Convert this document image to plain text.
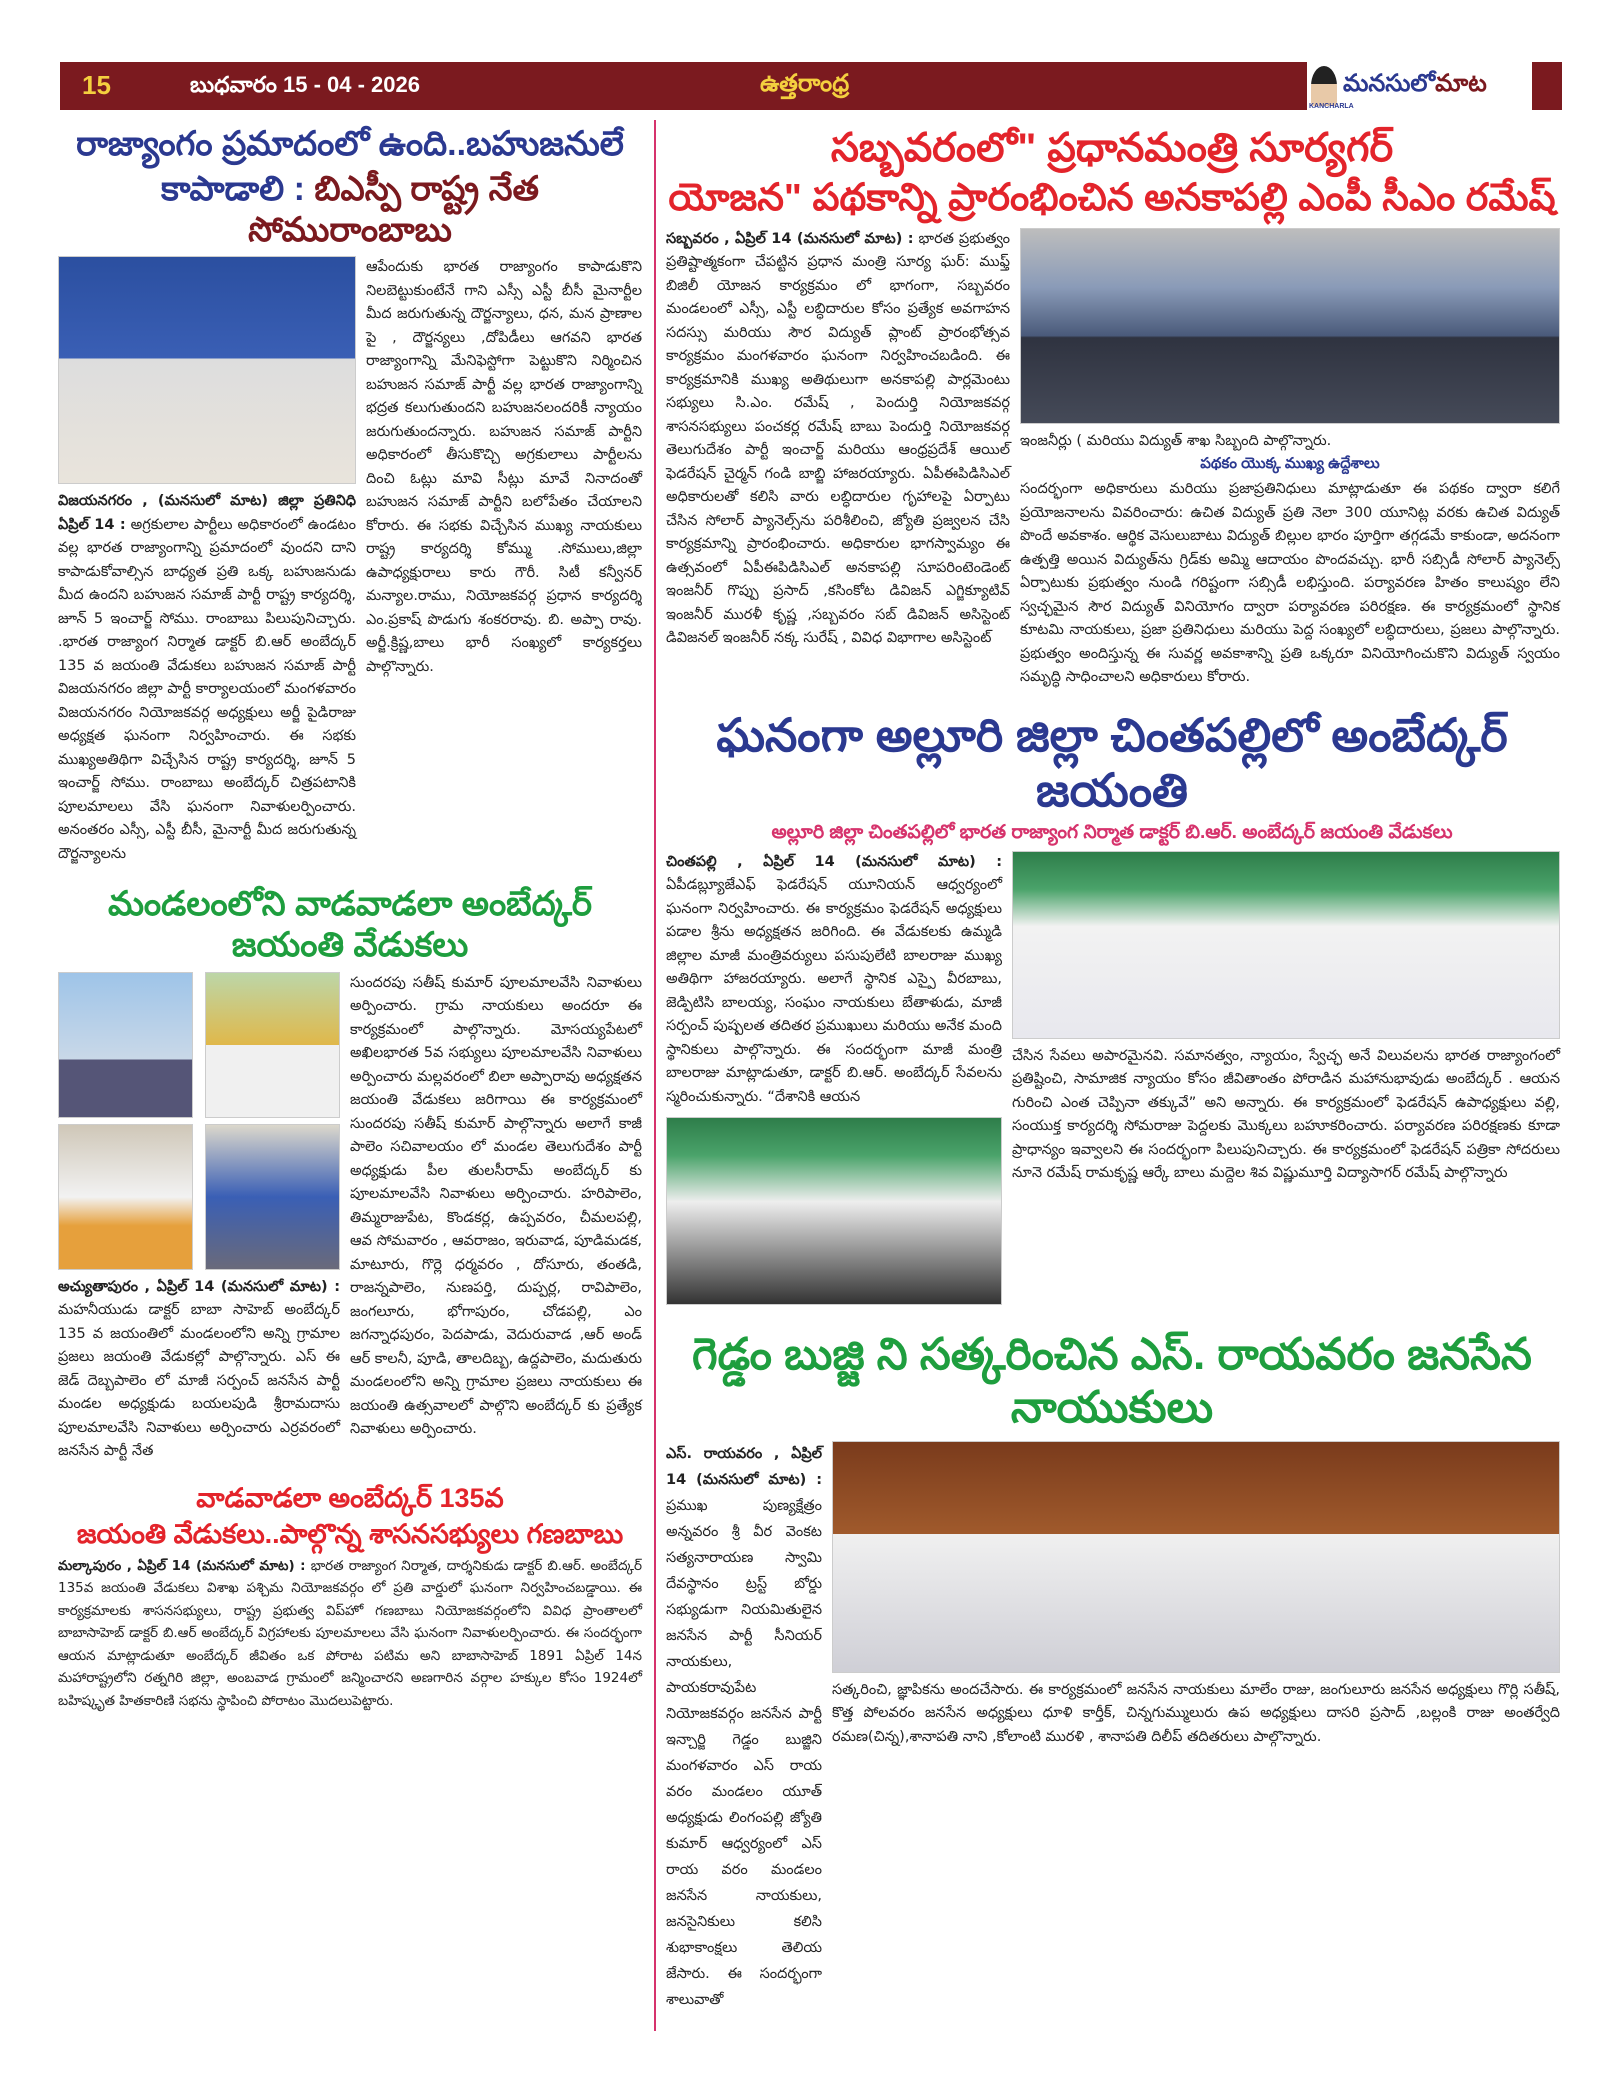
15	బుధవారం 15 - 04 - 2026	ఉత్తరాంధ్ర	మనసులోమాట
KANCHARLA
రాజ్యాంగం ప్రమాదంలో ఉంది..బహుజనులే
కాపాడాలి : బిఎస్పీ రాష్ట్ర నేత సోమురాంబాబు
విజయనగరం , (మనసులో మాట) జిల్లా ప్రతినిధి ఏప్రిల్ 14 : అగ్రకులాల పార్టీలు అధికారంలో ఉండటం వల్ల భారత రాజ్యాంగాన్ని ప్రమాదంలో వుందని దాని కాపాడుకోవాల్సిన బాధ్యత ప్రతి ఒక్క బహుజనుడు మీద ఉందని బహుజన సమాజ్ పార్టీ రాష్ట్ర కార్యదర్శి, జూన్ 5 ఇంచార్జ్ సోము. రాంబాబు పిలుపునిచ్చారు. .భారత రాజ్యాంగ నిర్మాత డాక్టర్ బి.ఆర్ అంబేద్కర్ 135 వ జయంతి వేడుకలు బహుజన సమాజ్ పార్టీ విజయనగరం జిల్లా పార్టీ కార్యాలయంలో మంగళవారం విజయనగరం నియోజకవర్గ అధ్యక్షులు అర్జీ పైడిరాజు అధ్యక్షత ఘనంగా నిర్వహించారు. ఈ సభకు ముఖ్యఅతిథిగా విచ్చేసిన రాష్ట్ర కార్యదర్శి, జూన్ 5 ఇంచార్జ్ సోము. రాంబాబు అంబేద్కర్ చిత్రపటానికి పూలమాలలు వేసి ఘనంగా నివాళులర్పించారు. అనంతరం ఎస్సీ, ఎస్టీ బీసీ, మైనార్టీ మీద జరుగుతున్న దౌర్జన్యాలను
ఆపేందుకు భారత రాజ్యాంగం కాపాడుకొని నిలబెట్టుకుంటేనే గాని ఎస్సీ ఎస్టీ బీసీ మైనార్టీల మీద జరుగుతున్న దౌర్జన్యాలు, ధన, మన ప్రాణాల పై , దౌర్జన్యలు ,దోపిడీలు ఆగవని భారత రాజ్యాంగాన్ని మేనిఫెస్టోగా పెట్టుకొని నిర్మించిన బహుజన సమాజ్ పార్టీ వల్ల భారత రాజ్యాంగాన్ని భద్రత కలుగుతుందని బహుజనలందరికీ న్యాయం జరుగుతుందన్నారు. బహుజన సమాజ్ పార్టీని అధికారంలో తీసుకొచ్చి అగ్రకులాలు పార్టీలను దించి ఓట్లు మావి సీట్లు మావే నినాదంతో బహుజన సమాజ్ పార్టీని బలోపేతం చేయాలని కోరారు. ఈ సభకు విచ్చేసిన ముఖ్య నాయకులు రాష్ట్ర కార్యదర్శి కోమ్ము .సోములు,జిల్లా ఉపాధ్యక్షురాలు కారు గౌరీ. సిటీ కన్వీనర్ మన్యాల.రాము, నియోజకవర్గ ప్రధాన కార్యదర్శి ఎం.ప్రకాష్ పొడుగు శంకరరావు. బి. అప్పా రావు. అర్జీ.క్రిష్ణ,బాలు భారీ సంఖ్యలో కార్యకర్తలు పాల్గొన్నారు.
మండలంలోని వాడవాడలా అంబేద్కర్ జయంతి వేడుకలు
అచ్యుతాపురం , ఏప్రిల్ 14 (మనసులో మాట) : మహనీయుడు డాక్టర్ బాబా సాహెబ్ అంబేద్కర్ 135 వ జయంతిలో మండలంలోని అన్ని గ్రామాల ప్రజలు జయంతి వేడుకల్లో పాల్గొన్నారు. ఎస్ ఈ జెడ్ దెబ్బపాలెం లో మాజీ సర్పంచ్ జనసేన పార్టీ మండల అధ్యక్షుడు బయలపుడి శ్రీరామదాసు పూలమాలవేసి నివాళులు అర్పించారు ఎర్రవరంలో జనసేన పార్టీ నేత
సుందరపు సతీష్ కుమార్ పూలమాలవేసి నివాళులు అర్పించారు. గ్రామ నాయకులు అందరూ ఈ కార్యక్రమంలో పాల్గొన్నారు. మోసయ్యపేటలో అఖిలభారత 5వ సభ్యులు పూలమాలవేసి నివాళులు అర్పించారు మల్లవరంలో బిలా అప్పారావు అధ్యక్షతన జయంతి వేడుకలు జరిగాయి ఈ కార్యక్రమంలో సుందరపు సతీష్ కుమార్ పాల్గొన్నారు అలాగే కాజీ పాలెం సచివాలయం లో మండల తెలుగుదేశం పార్టీ అధ్యక్షుడు పీల తులసీరామ్ అంబేద్కర్ కు పూలమాలవేసి నివాళులు అర్పించారు. హరిపాలెం, తిమ్మరాజుపేట, కొండకర్ల, ఉప్పవరం, చీమలపల్లి, ఆవ సోమవారం , ఆవరాజం, ఇరువాడ, పూడిమడక, మాటూరు, గొర్లె ధర్మవరం , దోసూరు, తంతడి, రాజన్నపాలెం, నుణపర్తి, దుప్పర్ల, రావిపాలెం, జంగలూరు, భోగాపురం, చోడపల్లి, ఎం జగన్నాధపురం, పెదపాడు, వెదురువాడ ,ఆర్ అండ్ ఆర్ కాలనీ, పూడి, తాలదిబ్బ, ఉద్దపాలెం, మదుతురు మండలంలోని అన్ని గ్రామాల ప్రజలు నాయకులు ఈ జయంతి ఉత్సవాలలో పాల్గొని అంబేద్కర్ కు ప్రత్యేక నివాళులు అర్పించారు.
వాడవాడలా అంబేద్కర్ 135వ
జయంతి వేడుకలు..పాల్గొన్న శాసనసభ్యులు గణబాబు
మల్కాపురం , ఏప్రిల్ 14 (మనసులో మాట) : భారత రాజ్యాంగ నిర్మాత, దార్శనికుడు డాక్టర్ బి.ఆర్. అంబేద్కర్ 135వ జయంతి వేడుకలు విశాఖ పశ్చిమ నియోజకవర్గం లో ప్రతి వార్డులో ఘనంగా నిర్వహించబడ్డాయి. ఈ కార్యక్రమాలకు శాసనసభ్యులు, రాష్ట్ర ప్రభుత్వ విప్‌హో గణబాబు నియోజకవర్గంలోని వివిధ ప్రాంతాలలో బాబాసాహెబ్ డాక్టర్ బి.ఆర్ అంబేద్కర్ విగ్రహాలకు పూలమాలలు వేసి ఘనంగా నివాళులర్పించారు. ఈ సందర్భంగా ఆయన మాట్లాడుతూ అంబేద్కర్ జీవితం ఒక పోరాట పటిమ అని బాబాసాహెబ్ 1891 ఏప్రిల్ 14న మహారాష్ట్రలోని రత్నగిరి జిల్లా, అంబవాడ గ్రామంలో జన్మించారని అణగారిన వర్గాల హక్కుల కోసం 1924లో బహిష్కృత హితకారిణి సభను స్థాపించి పోరాటం మొదలుపెట్టారు.
సబ్బవరంలో" ప్రధానమంత్రి సూర్యగర్
యోజన" పథకాన్ని ప్రారంభించిన అనకాపల్లి ఎంపీ సీఎం రమేష్
సబ్బవరం , ఏప్రిల్ 14 (మనసులో మాట) : భారత ప్రభుత్వం ప్రతిష్టాత్మకంగా చేపట్టిన ప్రధాన మంత్రి సూర్య ఘర్: ముఫ్త్ బిజిలీ యోజన కార్యక్రమం లో భాగంగా, సబ్బవరం మండలంలో ఎస్సీ, ఎస్టీ లబ్ధిదారుల కోసం ప్రత్యేక అవగాహన సదస్సు మరియు సౌర విద్యుత్ ప్లాంట్ ప్రారంభోత్సవ కార్యక్రమం మంగళవారం ఘనంగా నిర్వహించబడింది. ఈ కార్యక్రమానికి ముఖ్య అతిథులుగా అనకాపల్లి పార్లమెంటు సభ్యులు సి.ఎం. రమేష్ , పెందుర్తి నియోజకవర్గ శాసనసభ్యులు పంచకర్ల రమేష్ బాబు పెందుర్తి నియోజకవర్గ తెలుగుదేశం పార్టీ ఇంచార్జ్ మరియు ఆంధ్రప్రదేశ్ ఆయిల్ ఫెడరేషన్ చైర్మన్ గండి బాబ్జి హాజరయ్యారు. ఏపీఈపిడిసిఎల్ అధికారులతో కలిసి వారు లబ్ధిదారుల గృహాలపై ఏర్పాటు చేసిన సోలార్ ప్యానెల్స్‌ను పరిశీలించి, జ్యోతి ప్రజ్వలన చేసి కార్యక్రమాన్ని ప్రారంభించారు. అధికారుల భాగస్వామ్యం ఈ ఉత్సవంలో ఏపీఈపిడిసిఎల్ అనకాపల్లి సూపరింటెండెంట్ ఇంజనీర్ గొప్పు ప్రసాద్ ,కసింకోట డివిజన్ ఎగ్జిక్యూటివ్ ఇంజనీర్ మురళీ కృష్ణ ,సబ్బవరం సబ్ డివిజన్ అసిస్టెంట్ డివిజనల్ ఇంజనీర్ నక్క సురేష్ , వివిధ విభాగాల అసిస్టెంట్
ఇంజనీర్లు ( మరియు విద్యుత్ శాఖ సిబ్బంది పాల్గొన్నారు.
పథకం యొక్క ముఖ్య ఉద్దేశాలు
సందర్భంగా అధికారులు మరియు ప్రజాప్రతినిధులు మాట్లాడుతూ ఈ పథకం ద్వారా కలిగే ప్రయోజనాలను వివరించారు: ఉచిత విద్యుత్ ప్రతి నెలా 300 యూనిట్ల వరకు ఉచిత విద్యుత్ పొందే అవకాశం. ఆర్థిక వెసులుబాటు విద్యుత్ బిల్లుల భారం పూర్తిగా తగ్గడమే కాకుండా, అదనంగా ఉత్పత్తి అయిన విద్యుత్‌ను గ్రిడ్‌కు అమ్మి ఆదాయం పొందవచ్చు. భారీ సబ్సిడీ సోలార్ ప్యానెల్స్ ఏర్పాటుకు ప్రభుత్వం నుండి గరిష్టంగా సబ్సిడీ లభిస్తుంది. పర్యావరణ హితం కాలుష్యం లేని స్వచ్ఛమైన సౌర విద్యుత్ వినియోగం ద్వారా పర్యావరణ పరిరక్షణ. ఈ కార్యక్రమంలో స్థానిక కూటమి నాయకులు, ప్రజా ప్రతినిధులు మరియు పెద్ద సంఖ్యలో లబ్ధిదారులు, ప్రజలు పాల్గొన్నారు. ప్రభుత్వం అందిస్తున్న ఈ సువర్ణ అవకాశాన్ని ప్రతి ఒక్కరూ వినియోగించుకొని విద్యుత్ స్వయం సమృద్ధి సాధించాలని అధికారులు కోరారు.
ఘనంగా అల్లూరి జిల్లా చింతపల్లిలో అంబేద్కర్ జయంతి
అల్లూరి జిల్లా చింతపల్లిలో భారత రాజ్యాంగ నిర్మాత డాక్టర్ బి.ఆర్. అంబేద్కర్ జయంతి వేడుకలు
చింతపల్లి , ఏప్రిల్ 14 (మనసులో మాట) : ఏపీడబ్ల్యూజేఎఫ్ ఫెడరేషన్ యూనియన్ ఆధ్వర్యంలో ఘనంగా నిర్వహించారు. ఈ కార్యక్రమం ఫెడరేషన్ అధ్యక్షులు పడాల శ్రీను అధ్యక్షతన జరిగింది. ఈ వేడుకలకు ఉమ్మడి జిల్లాల మాజీ మంత్రివర్యులు పసుపులేటి బాలరాజు ముఖ్య అతిథిగా హాజరయ్యారు. అలాగే స్థానిక ఎస్పై వీరబాబు, జెడ్పిటిసి బాలయ్య, సంఘం నాయకులు బేతాళుడు, మాజీ సర్పంచ్ పుష్పలత తదితర ప్రముఖులు మరియు అనేక మంది స్థానికులు పాల్గొన్నారు. ఈ సందర్భంగా మాజీ మంత్రి బాలరాజు మాట్లాడుతూ, డాక్టర్ బి.ఆర్. అంబేద్కర్ సేవలను స్మరించుకున్నారు. “దేశానికి ఆయన
చేసిన సేవలు అపారమైనవి. సమానత్వం, న్యాయం, స్వేచ్ఛ అనే విలువలను భారత రాజ్యాంగంలో ప్రతిష్టించి, సామాజిక న్యాయం కోసం జీవితాంతం పోరాడిన మహానుభావుడు అంబేద్కర్ . ఆయన గురించి ఎంత చెప్పినా తక్కువే” అని అన్నారు. ఈ కార్యక్రమంలో ఫెడరేషన్ ఉపాధ్యక్షులు వల్లి, సంయుక్త కార్యదర్శి సోమరాజు పెద్దలకు మొక్కలు బహూకరించారు. పర్యావరణ పరిరక్షణకు కూడా ప్రాధాన్యం ఇవ్వాలని ఈ సందర్భంగా పిలుపునిచ్చారు. ఈ కార్యక్రమంలో ఫెడరేషన్ పత్రికా సోదరులు నూనె రమేష్ రామకృష్ణ ఆర్కే బాలు మద్దెల శివ విష్ణుమూర్తి విద్యాసాగర్ రమేష్ పాల్గొన్నారు
గెడ్డం బుజ్జి ని సత్కరించిన ఎస్. రాయవరం జనసేన నాయుకులు
ఎస్. రాయవరం , ఏప్రిల్ 14 (మనసులో మాట) : ప్రముఖ పుణ్యక్షేత్రం అన్నవరం శ్రీ వీర వెంకట సత్యనారాయణ స్వామి దేవస్థానం ట్రస్ట్ బోర్డు సభ్యుడుగా నియమితులైన జనసేన పార్టీ సీనియర్ నాయకులు, పాయకరావుపేట నియోజకవర్గం జనసేన పార్టీ ఇన్చార్జి గెడ్డం బుజ్జిని మంగళవారం ఎస్ రాయ వరం మండలం యూత్ అధ్యక్షుడు లింగంపల్లి జ్యోతి కుమార్ ఆధ్వర్యంలో ఎస్ రాయ వరం మండలం జనసేన నాయకులు, జనసైనికులు కలిసి శుభాకాంక్షలు తెలియ జేసారు. ఈ సందర్భంగా శాలువాతో
సత్కరించి, జ్ఞాపికను అందచేసారు. ఈ కార్యక్రమంలో జనసేన నాయకులు మాలేం రాజు, జంగులూరు జనసేన అధ్యక్షులు గొర్లి సతీష్, కొత్త పోలవరం జనసేన అధ్యక్షులు ధూళి కార్తీక్, చిన్నగుమ్ములురు ఉప అధ్యక్షులు దాసరి ప్రసాద్ ,బల్లంకి రాజు అంతర్వేది రమణ(చిన్న),శానాపతి నాని ,కోలాంటి మురళి , శానాపతి దిలీప్ తదితరులు పాల్గొన్నారు.
